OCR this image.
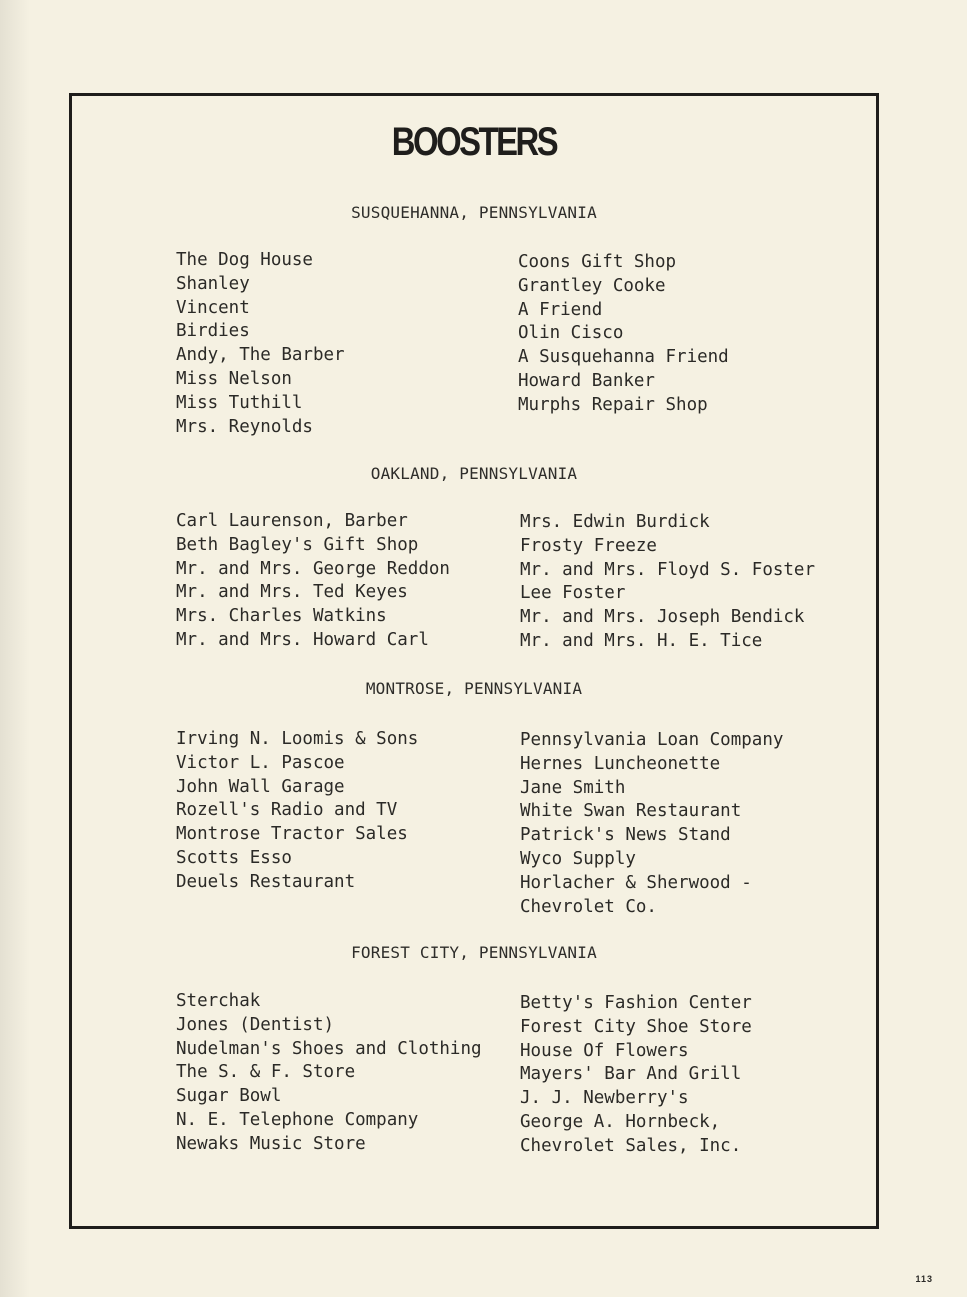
BOOSTERS
SUSQUEHANNA, PENNSYLVANIA
The Dog House
Shanley
Vincent
Birdies
Andy, The Barber
Miss Nelson
Miss Tuthill
Mrs. Reynolds
Coons Gift Shop
Grantley Cooke
A Friend
Olin Cisco
A Susquehanna Friend
Howard Banker
Murphs Repair Shop
OAKLAND, PENNSYLVANIA
Carl Laurenson, Barber
Beth Bagley's Gift Shop
Mr. and Mrs. George Reddon
Mr. and Mrs. Ted Keyes
Mrs. Charles Watkins
Mr. and Mrs. Howard Carl
Mrs. Edwin Burdick
Frosty Freeze
Mr. and Mrs. Floyd S. Foster
Lee Foster
Mr. and Mrs. Joseph Bendick
Mr. and Mrs. H. E. Tice
MONTROSE, PENNSYLVANIA
Irving N. Loomis & Sons
Victor L. Pascoe
John Wall Garage
Rozell's Radio and TV
Montrose Tractor Sales
Scotts Esso
Deuels Restaurant
Pennsylvania Loan Company
Hernes Luncheonette
Jane Smith
White Swan Restaurant
Patrick's News Stand
Wyco Supply
Horlacher & Sherwood -
Chevrolet Co.
FOREST CITY, PENNSYLVANIA
Sterchak
Jones (Dentist)
Nudelman's Shoes and Clothing
The S. & F. Store
Sugar Bowl
N. E. Telephone Company
Newaks Music Store
Betty's Fashion Center
Forest City Shoe Store
House Of Flowers
Mayers' Bar And Grill
J. J. Newberry's
George A. Hornbeck,
Chevrolet Sales, Inc.
113
